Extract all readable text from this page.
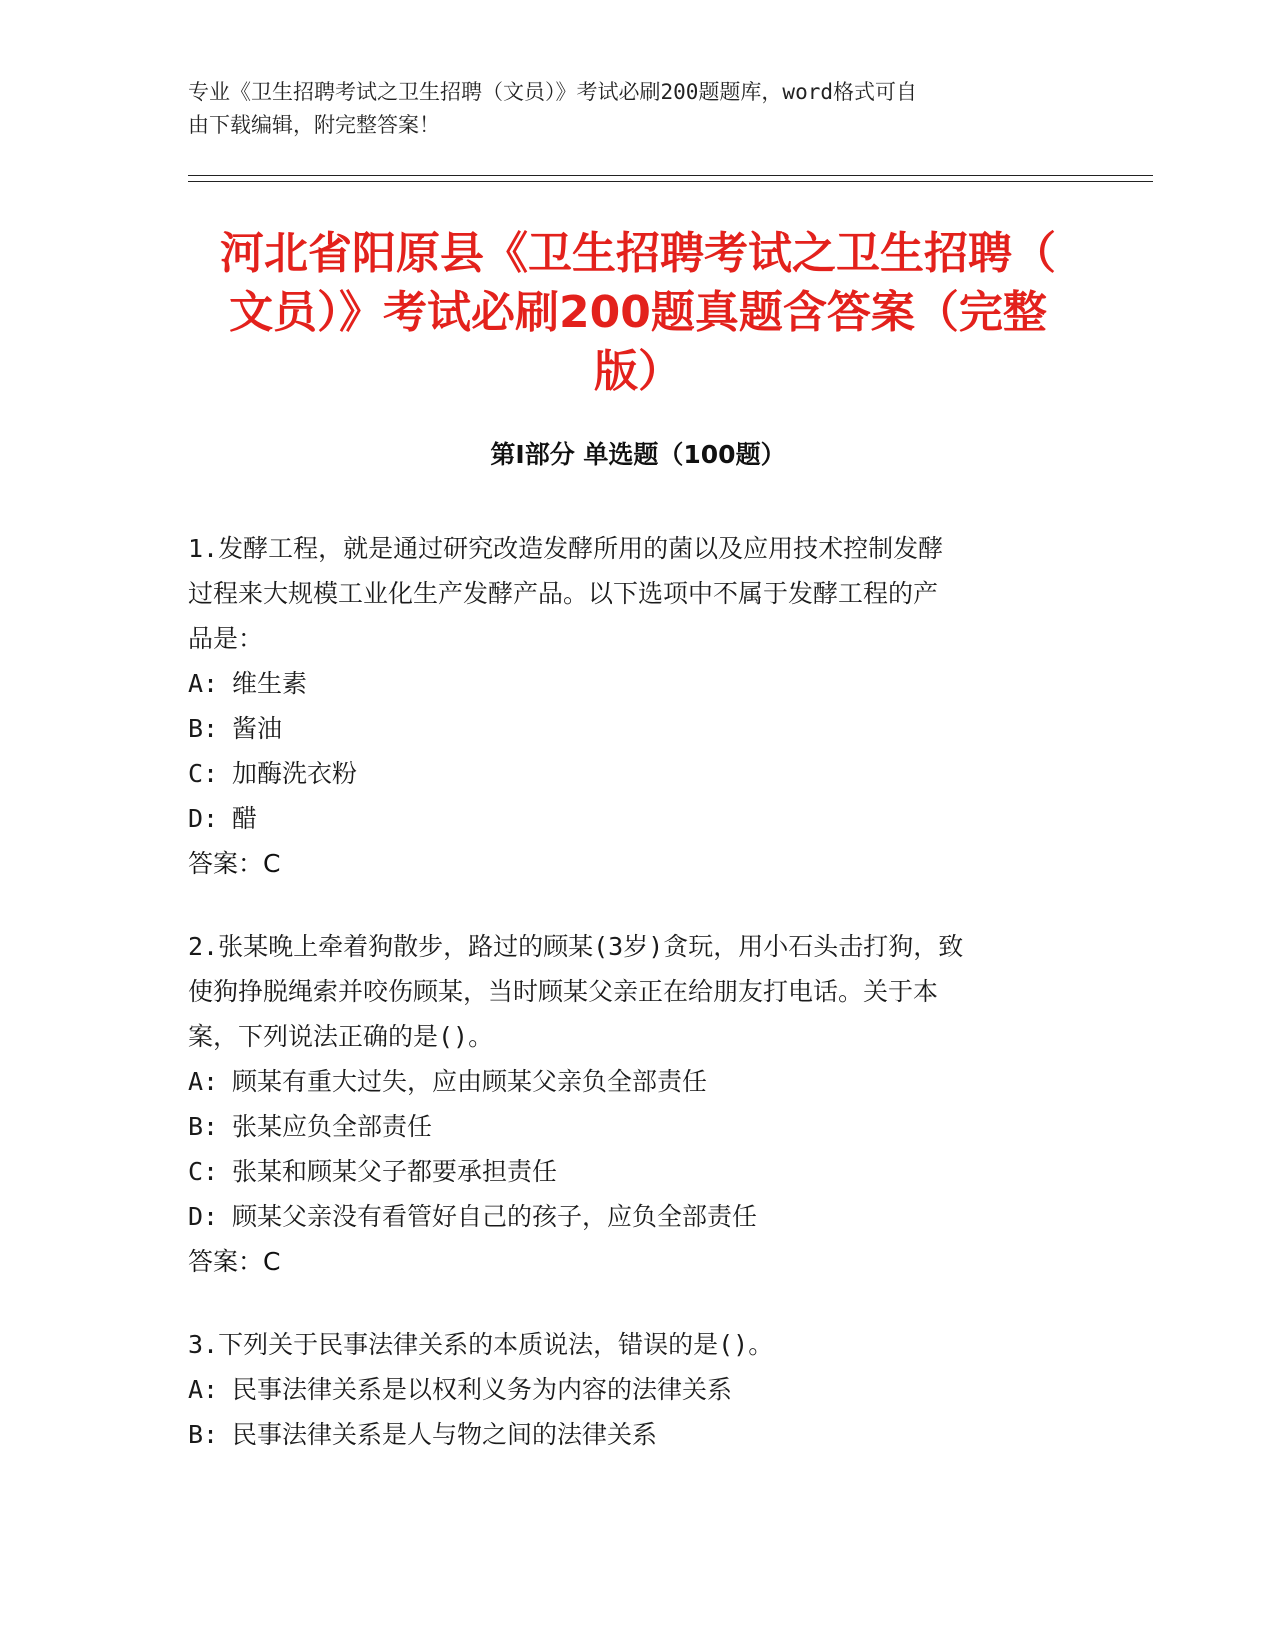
专业《卫生招聘考试之卫生招聘（文员）》考试必刷200题题库，word格式可自
由下载编辑，附完整答案！
河北省阳原县《卫生招聘考试之卫生招聘（
文员）》考试必刷200题真题含答案（完整
版）
第Ⅰ部分 单选题（100题）
1.发酵工程，就是通过研究改造发酵所用的菌以及应用技术控制发酵
过程来大规模工业化生产发酵产品。以下选项中不属于发酵工程的产
品是：
A: 维生素
B: 酱油
C: 加酶洗衣粉
D: 醋
答案：C
2.张某晚上牵着狗散步，路过的顾某(3岁)贪玩，用小石头击打狗，致
使狗挣脱绳索并咬伤顾某，当时顾某父亲正在给朋友打电话。关于本
案，下列说法正确的是()。
A: 顾某有重大过失，应由顾某父亲负全部责任
B: 张某应负全部责任
C: 张某和顾某父子都要承担责任
D: 顾某父亲没有看管好自己的孩子，应负全部责任
答案：C
3.下列关于民事法律关系的本质说法，错误的是()。
A: 民事法律关系是以权利义务为内容的法律关系
B: 民事法律关系是人与物之间的法律关系
